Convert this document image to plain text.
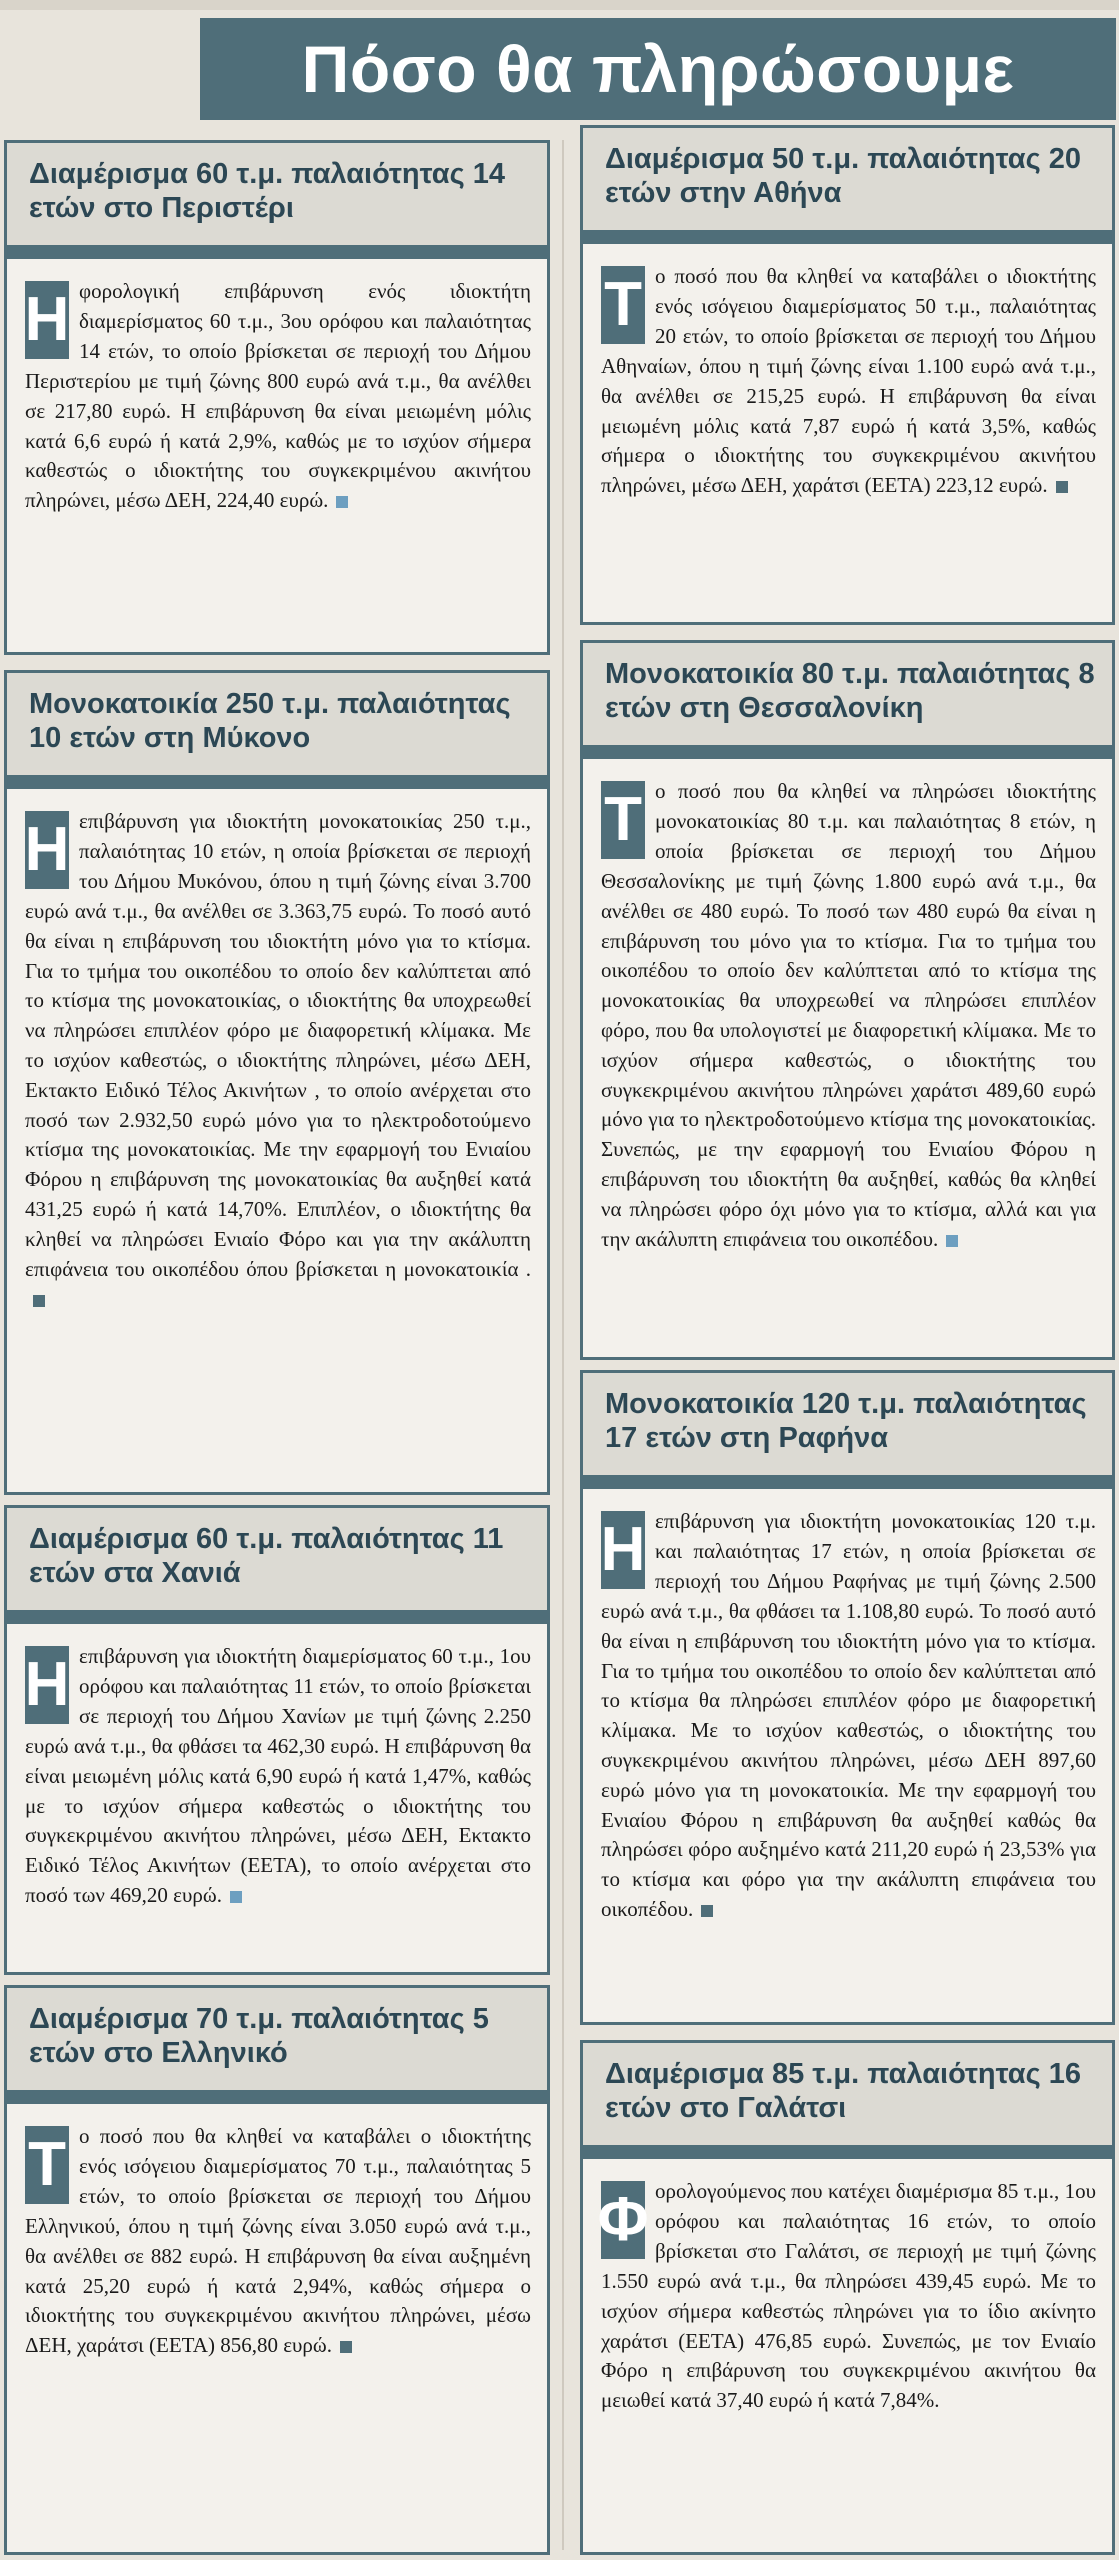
Πόσο θα πληρώσουμε
Διαμέρισμα 60 τ.μ. παλαιότητας 14 ετών στο Περιστέρι
Η φορολογική επιβάρυνση ενός ιδιοκτήτη διαμερίσματος 60 τ.μ., 3ου ορόφου και παλαιότητας 14 ετών, το οποίο βρίσκεται σε περιοχή του Δήμου Περιστερίου με τιμή ζώνης 800 ευρώ ανά τ.μ., θα ανέλθει σε 217,80 ευρώ. Η επιβάρυνση θα είναι μειωμένη μόλις κατά 6,6 ευρώ ή κατά 2,9%, καθώς με το ισχύον σήμερα καθεστώς ο ιδιοκτήτης του συγκεκριμένου ακινήτου πληρώνει, μέσω ΔΕΗ, 224,40 ευρώ.
Μονοκατοικία 250 τ.μ. παλαιότητας 10 ετών στη Μύκονο
Η επιβάρυνση για ιδιοκτήτη μονοκατοικίας 250 τ.μ., παλαιότητας 10 ετών, η οποία βρίσκεται σε περιοχή του Δήμου Μυκόνου, όπου η τιμή ζώνης είναι 3.700 ευρώ ανά τ.μ., θα ανέλθει σε 3.363,75 ευρώ. Το ποσό αυτό θα είναι η επιβάρυνση του ιδιοκτήτη μόνο για το κτίσμα. Για το τμήμα του οικοπέδου το οποίο δεν καλύπτεται από το κτίσμα της μονοκατοικίας, ο ιδιοκτήτης θα υποχρεωθεί να πληρώσει επιπλέον φόρο με διαφορετική κλίμακα. Με το ισχύον καθεστώς, ο ιδιοκτήτης πληρώνει, μέσω ΔΕΗ, Εκτακτο Ειδικό Τέλος Ακινήτων , το οποίο ανέρχεται στο ποσό των 2.932,50 ευρώ μόνο για το ηλεκτροδοτούμενο κτίσμα της μονοκατοικίας. Με την εφαρμογή του Ενιαίου Φόρου η επιβάρυνση της μονοκατοικίας θα αυξηθεί κατά 431,25 ευρώ ή κατά 14,70%. Επιπλέον, ο ιδιοκτήτης θα κληθεί να πληρώσει Ενιαίο Φόρο και για την ακάλυπτη επιφάνεια του οικοπέδου όπου βρίσκεται η μονοκατοικία .
Διαμέρισμα 60 τ.μ. παλαιότητας 11 ετών στα Χανιά
Η επιβάρυνση για ιδιοκτήτη διαμερίσματος 60 τ.μ., 1ου ορόφου και παλαιότητας 11 ετών, το οποίο βρίσκεται σε περιοχή του Δήμου Χανίων με τιμή ζώνης 2.250 ευρώ ανά τ.μ., θα φθάσει τα 462,30 ευρώ. Η επιβάρυνση θα είναι μειωμένη μόλις κατά 6,90 ευρώ ή κατά 1,47%, καθώς με το ισχύον σήμερα καθεστώς ο ιδιοκτήτης του συγκεκριμένου ακινήτου πληρώνει, μέσω ΔΕΗ, Εκτακτο Ειδικό Τέλος Ακινήτων (ΕΕΤΑ), το οποίο ανέρχεται στο ποσό των 469,20 ευρώ.
Διαμέρισμα 70 τ.μ. παλαιότητας 5 ετών στο Ελληνικό
Τ ο ποσό που θα κληθεί να καταβάλει ο ιδιοκτήτης ενός ισόγειου διαμερίσματος 70 τ.μ., παλαιότητας 5 ετών, το οποίο βρίσκεται σε περιοχή του Δήμου Ελληνικού, όπου η τιμή ζώνης είναι 3.050 ευρώ ανά τ.μ., θα ανέλθει σε 882 ευρώ. Η επιβάρυνση θα είναι αυξημένη κατά 25,20 ευρώ ή κατά 2,94%, καθώς σήμερα ο ιδιοκτήτης του συγκεκριμένου ακινήτου πληρώνει, μέσω ΔΕΗ, χαράτσι (ΕΕΤΑ) 856,80 ευρώ.
Διαμέρισμα 50 τ.μ. παλαιότητας 20 ετών στην Αθήνα
Τ ο ποσό που θα κληθεί να καταβάλει ο ιδιοκτήτης ενός ισόγειου διαμερίσματος 50 τ.μ., παλαιότητας 20 ετών, το οποίο βρίσκεται σε περιοχή του Δήμου Αθηναίων, όπου η τιμή ζώνης είναι 1.100 ευρώ ανά τ.μ., θα ανέλθει σε 215,25 ευρώ. Η επιβάρυνση θα είναι μειωμένη μόλις κατά 7,87 ευρώ ή κατά 3,5%, καθώς σήμερα ο ιδιοκτήτης του συγκεκριμένου ακινήτου πληρώνει, μέσω ΔΕΗ, χαράτσι (ΕΕΤΑ) 223,12 ευρώ.
Μονοκατοικία 80 τ.μ. παλαιότητας 8 ετών στη Θεσσαλονίκη
Τ ο ποσό που θα κληθεί να πληρώσει ιδιοκτήτης μονοκατοικίας 80 τ.μ. και παλαιότητας 8 ετών, η οποία βρίσκεται σε περιοχή του Δήμου Θεσσαλονίκης με τιμή ζώνης 1.800 ευρώ ανά τ.μ., θα ανέλθει σε 480 ευρώ. Το ποσό των 480 ευρώ θα είναι η επιβάρυνση του μόνο για το κτίσμα. Για το τμήμα του οικοπέδου το οποίο δεν καλύπτεται από το κτίσμα της μονοκατοικίας θα υποχρεωθεί να πληρώσει επιπλέον φόρο, που θα υπολογιστεί με διαφορετική κλίμακα. Με το ισχύον σήμερα καθεστώς, ο ιδιοκτήτης του συγκεκριμένου ακινήτου πληρώνει χαράτσι 489,60 ευρώ μόνο για το ηλεκτροδοτούμενο κτίσμα της μονοκατοικίας. Συνεπώς, με την εφαρμογή του Ενιαίου Φόρου η επιβάρυνση του ιδιοκτήτη θα αυξηθεί, καθώς θα κληθεί να πληρώσει φόρο όχι μόνο για το κτίσμα, αλλά και για την ακάλυπτη επιφάνεια του οικοπέδου.
Μονοκατοικία 120 τ.μ. παλαιότητας 17 ετών στη Ραφήνα
Η επιβάρυνση για ιδιοκτήτη μονοκατοικίας 120 τ.μ. και παλαιότητας 17 ετών, η οποία βρίσκεται σε περιοχή του Δήμου Ραφήνας με τιμή ζώνης 2.500 ευρώ ανά τ.μ., θα φθάσει τα 1.108,80 ευρώ. Το ποσό αυτό θα είναι η επιβάρυνση του ιδιοκτήτη μόνο για το κτίσμα. Για το τμήμα του οικοπέδου το οποίο δεν καλύπτεται από το κτίσμα θα πληρώσει επιπλέον φόρο με διαφορετική κλίμακα. Με το ισχύον καθεστώς, ο ιδιοκτήτης του συγκεκριμένου ακινήτου πληρώνει, μέσω ΔΕΗ 897,60 ευρώ μόνο για τη μονοκατοικία. Με την εφαρμογή του Ενιαίου Φόρου η επιβάρυνση θα αυξηθεί καθώς θα πληρώσει φόρο αυξημένο κατά 211,20 ευρώ ή 23,53% για το κτίσμα και φόρο για την ακάλυπτη επιφάνεια του οικοπέδου.
Διαμέρισμα 85 τ.μ. παλαιότητας 16 ετών στο Γαλάτσι
Φ ορολογούμενος που κατέχει διαμέρισμα 85 τ.μ., 1ου ορόφου και παλαιότητας 16 ετών, το οποίο βρίσκεται στο Γαλάτσι, σε περιοχή με τιμή ζώνης 1.550 ευρώ ανά τ.μ., θα πληρώσει 439,45 ευρώ. Με το ισχύον σήμερα καθεστώς πληρώνει για το ίδιο ακίνητο χαράτσι (ΕΕΤΑ) 476,85 ευρώ. Συνεπώς, με τον Ενιαίο Φόρο η επιβάρυνση του συγκεκριμένου ακινήτου θα μειωθεί κατά 37,40 ευρώ ή κατά 7,84%.
